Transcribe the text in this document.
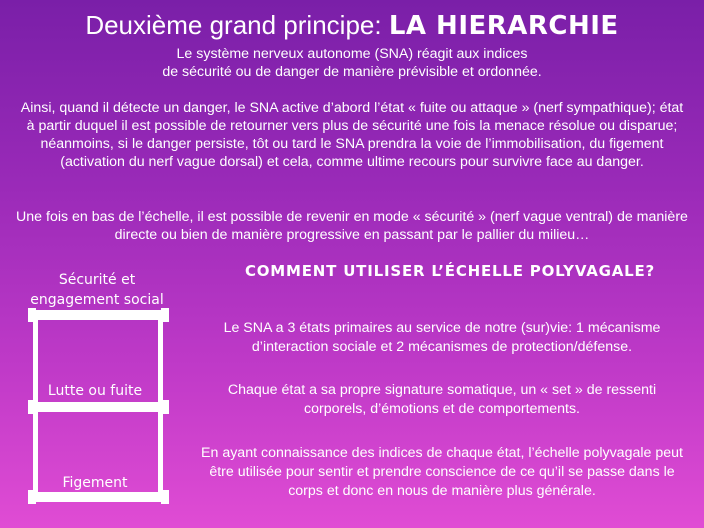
Deuxième grand principe: LA HIERARCHIE

Le système nerveux autonome (SNA) réagit aux indices
de sécurité ou de danger de manière prévisible et ordonnée.

Ainsi, quand il détecte un danger, le SNA active d’abord l’état « fuite ou attaque » (nerf sympathique); état à partir duquel il est possible de retourner vers plus de sécurité une fois la menace résolue ou disparue; néanmoins, si le danger persiste, tôt ou tard le SNA prendra la voie de l’immobilisation, du figement (activation du nerf vague dorsal) et cela, comme ultime recours pour survivre face au danger.

Une fois en bas de l’échelle, il est possible de revenir en mode « sécurité » (nerf vague ventral) de manière directe ou bien de manière progressive en passant par le pallier du milieu…

Sécurité et engagement social
Lutte ou fuite
Figement
COMMENT UTILISER L’ÉCHELLE POLYVAGALE?

Le SNA a 3 états primaires au service de notre (sur)vie: 1 mécanisme d’interaction sociale et 2 mécanismes de protection/défense.

Chaque état a sa propre signature somatique, un « set » de ressenti corporels, d’émotions et de comportements.

En ayant connaissance des indices de chaque état, l’échelle polyvagale peut être utilisée pour sentir et prendre conscience de ce qu’il se passe dans le corps et donc en nous de manière plus générale.
